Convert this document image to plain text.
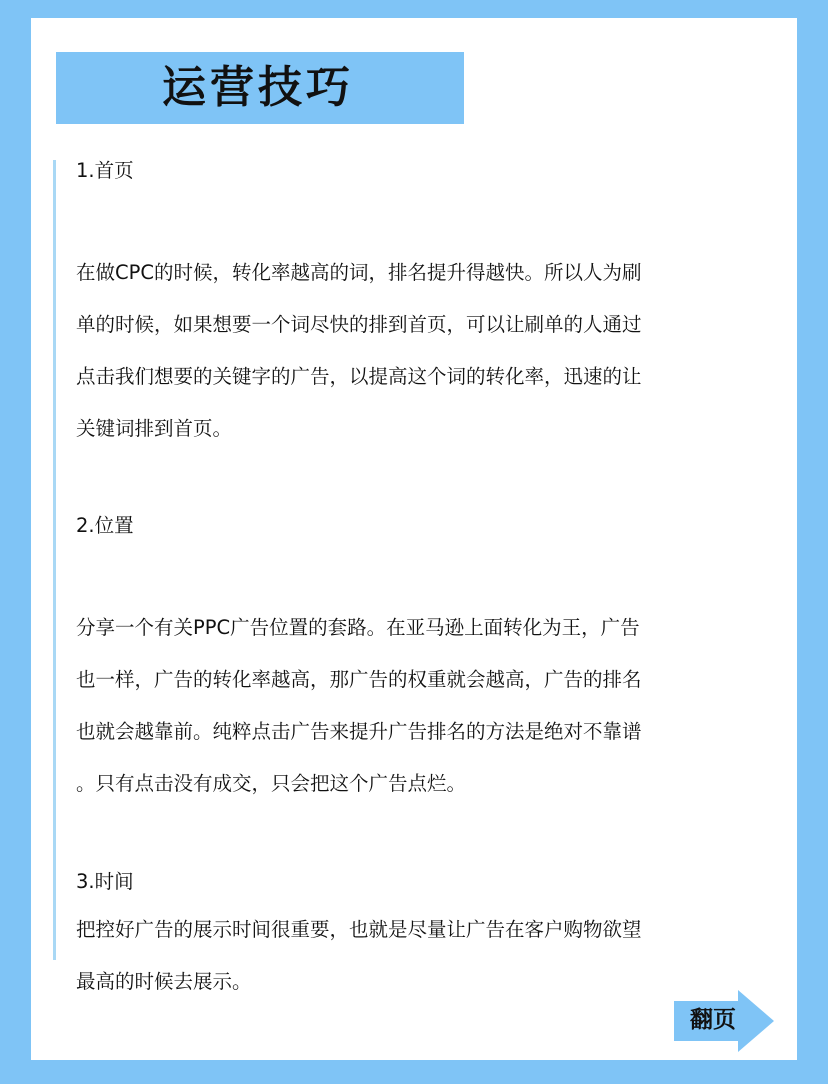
运营技巧
1.首页
在做CPC的时候，转化率越高的词，排名提升得越快。所以人为刷
单的时候，如果想要一个词尽快的排到首页，可以让刷单的人通过
点击我们想要的关键字的广告，以提高这个词的转化率，迅速的让
关键词排到首页。
2.位置
分享一个有关PPC广告位置的套路。在亚马逊上面转化为王，广告
也一样，广告的转化率越高，那广告的权重就会越高，广告的排名
也就会越靠前。纯粹点击广告来提升广告排名的方法是绝对不靠谱
。只有点击没有成交，只会把这个广告点烂。
3.时间
把控好广告的展示时间很重要，也就是尽量让广告在客户购物欲望
最高的时候去展示。
翻页
